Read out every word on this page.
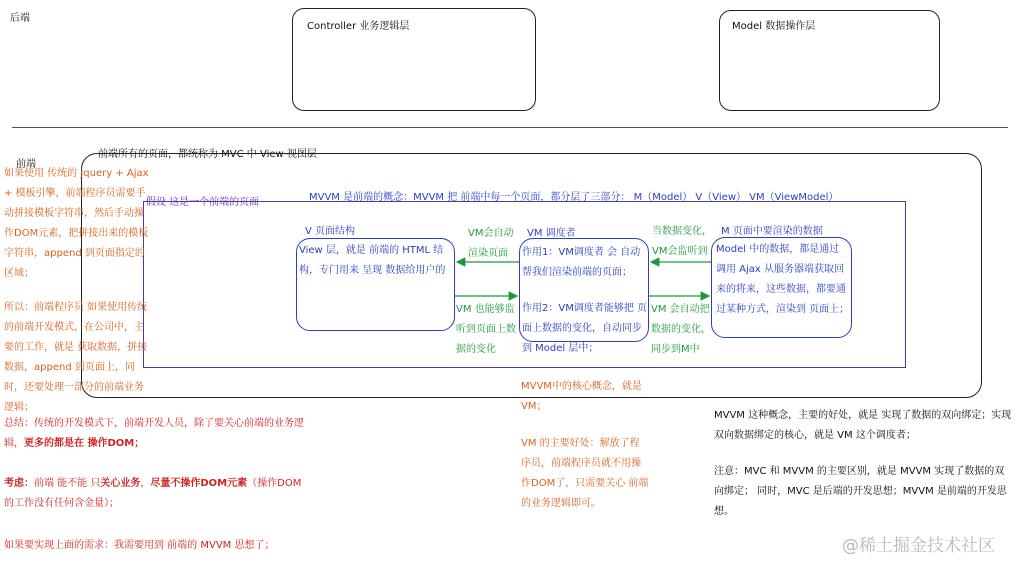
后端
Controller 业务逻辑层	Model 数据操作层
前端
前端所有的页面，都统称为 MVC 中 View 视图层
假设 这是一个前端的页面	MVVM 是前端的概念：MVVM 把 前端中每一个页面，都分层了三部分： M（Model） V（View） VM（ViewModel）
如果使用 传统的 Jquery + Ajax + 模板引擎，前端程序员需要手动拼接模板字符串，然后手动操作DOM元素，把拼接出来的模板字符串，append 到页面指定的区域；
所以：前端程序员 如果使用传统的前端开发模式，在公司中，主要的工作，就是 获取数据，拼接数据，append 到页面上，同时，还要处理一部分的前端业务逻辑；
总结：传统的开发模式下，前端开发人员，除了要关心前端的业务逻辑，更多的都是在 操作DOM；
考虑：前端 能不能 只关心业务，尽量不操作DOM元素（操作DOM的工作没有任何含金量）；
如果要实现上面的需求：我需要用到 前端的 MVVM 思想了；
V 页面结构
View 层，就是 前端的 HTML 结构，专门用来 呈现 数据给用户的
VM 调度者
作用1：VM调度者 会 自动帮我们渲染前端的页面；
作用2：VM调度者能够把 页面上数据的变化，自动同步到 Model 层中；
MVVM中的核心概念，就是 VM；
VM 的主要好处：解放了程序员，前端程序员就不用操作DOM了，只需要关心 前端的业务逻辑即可。
M 页面中要渲染的数据
Model 中的数据，都是通过 调用 Ajax 从服务器端获取回来的将来，这些数据，都要通过某种方式，渲染到 页面上；
VM会自动渲染页面
VM 也能够监听到页面上数据的变化
当数据变化，VM会监听到
VM 会自动把数据的变化，同步到M中
MVVM 这种概念，主要的好处，就是 实现了数据的双向绑定；实现双向数据绑定的核心，就是 VM 这个调度者；
注意：MVC 和 MVVM 的主要区别，就是 MVVM 实现了数据的双向绑定； 同时，MVC 是后端的开发思想；MVVM 是前端的开发思想。
@稀土掘金技术社区
